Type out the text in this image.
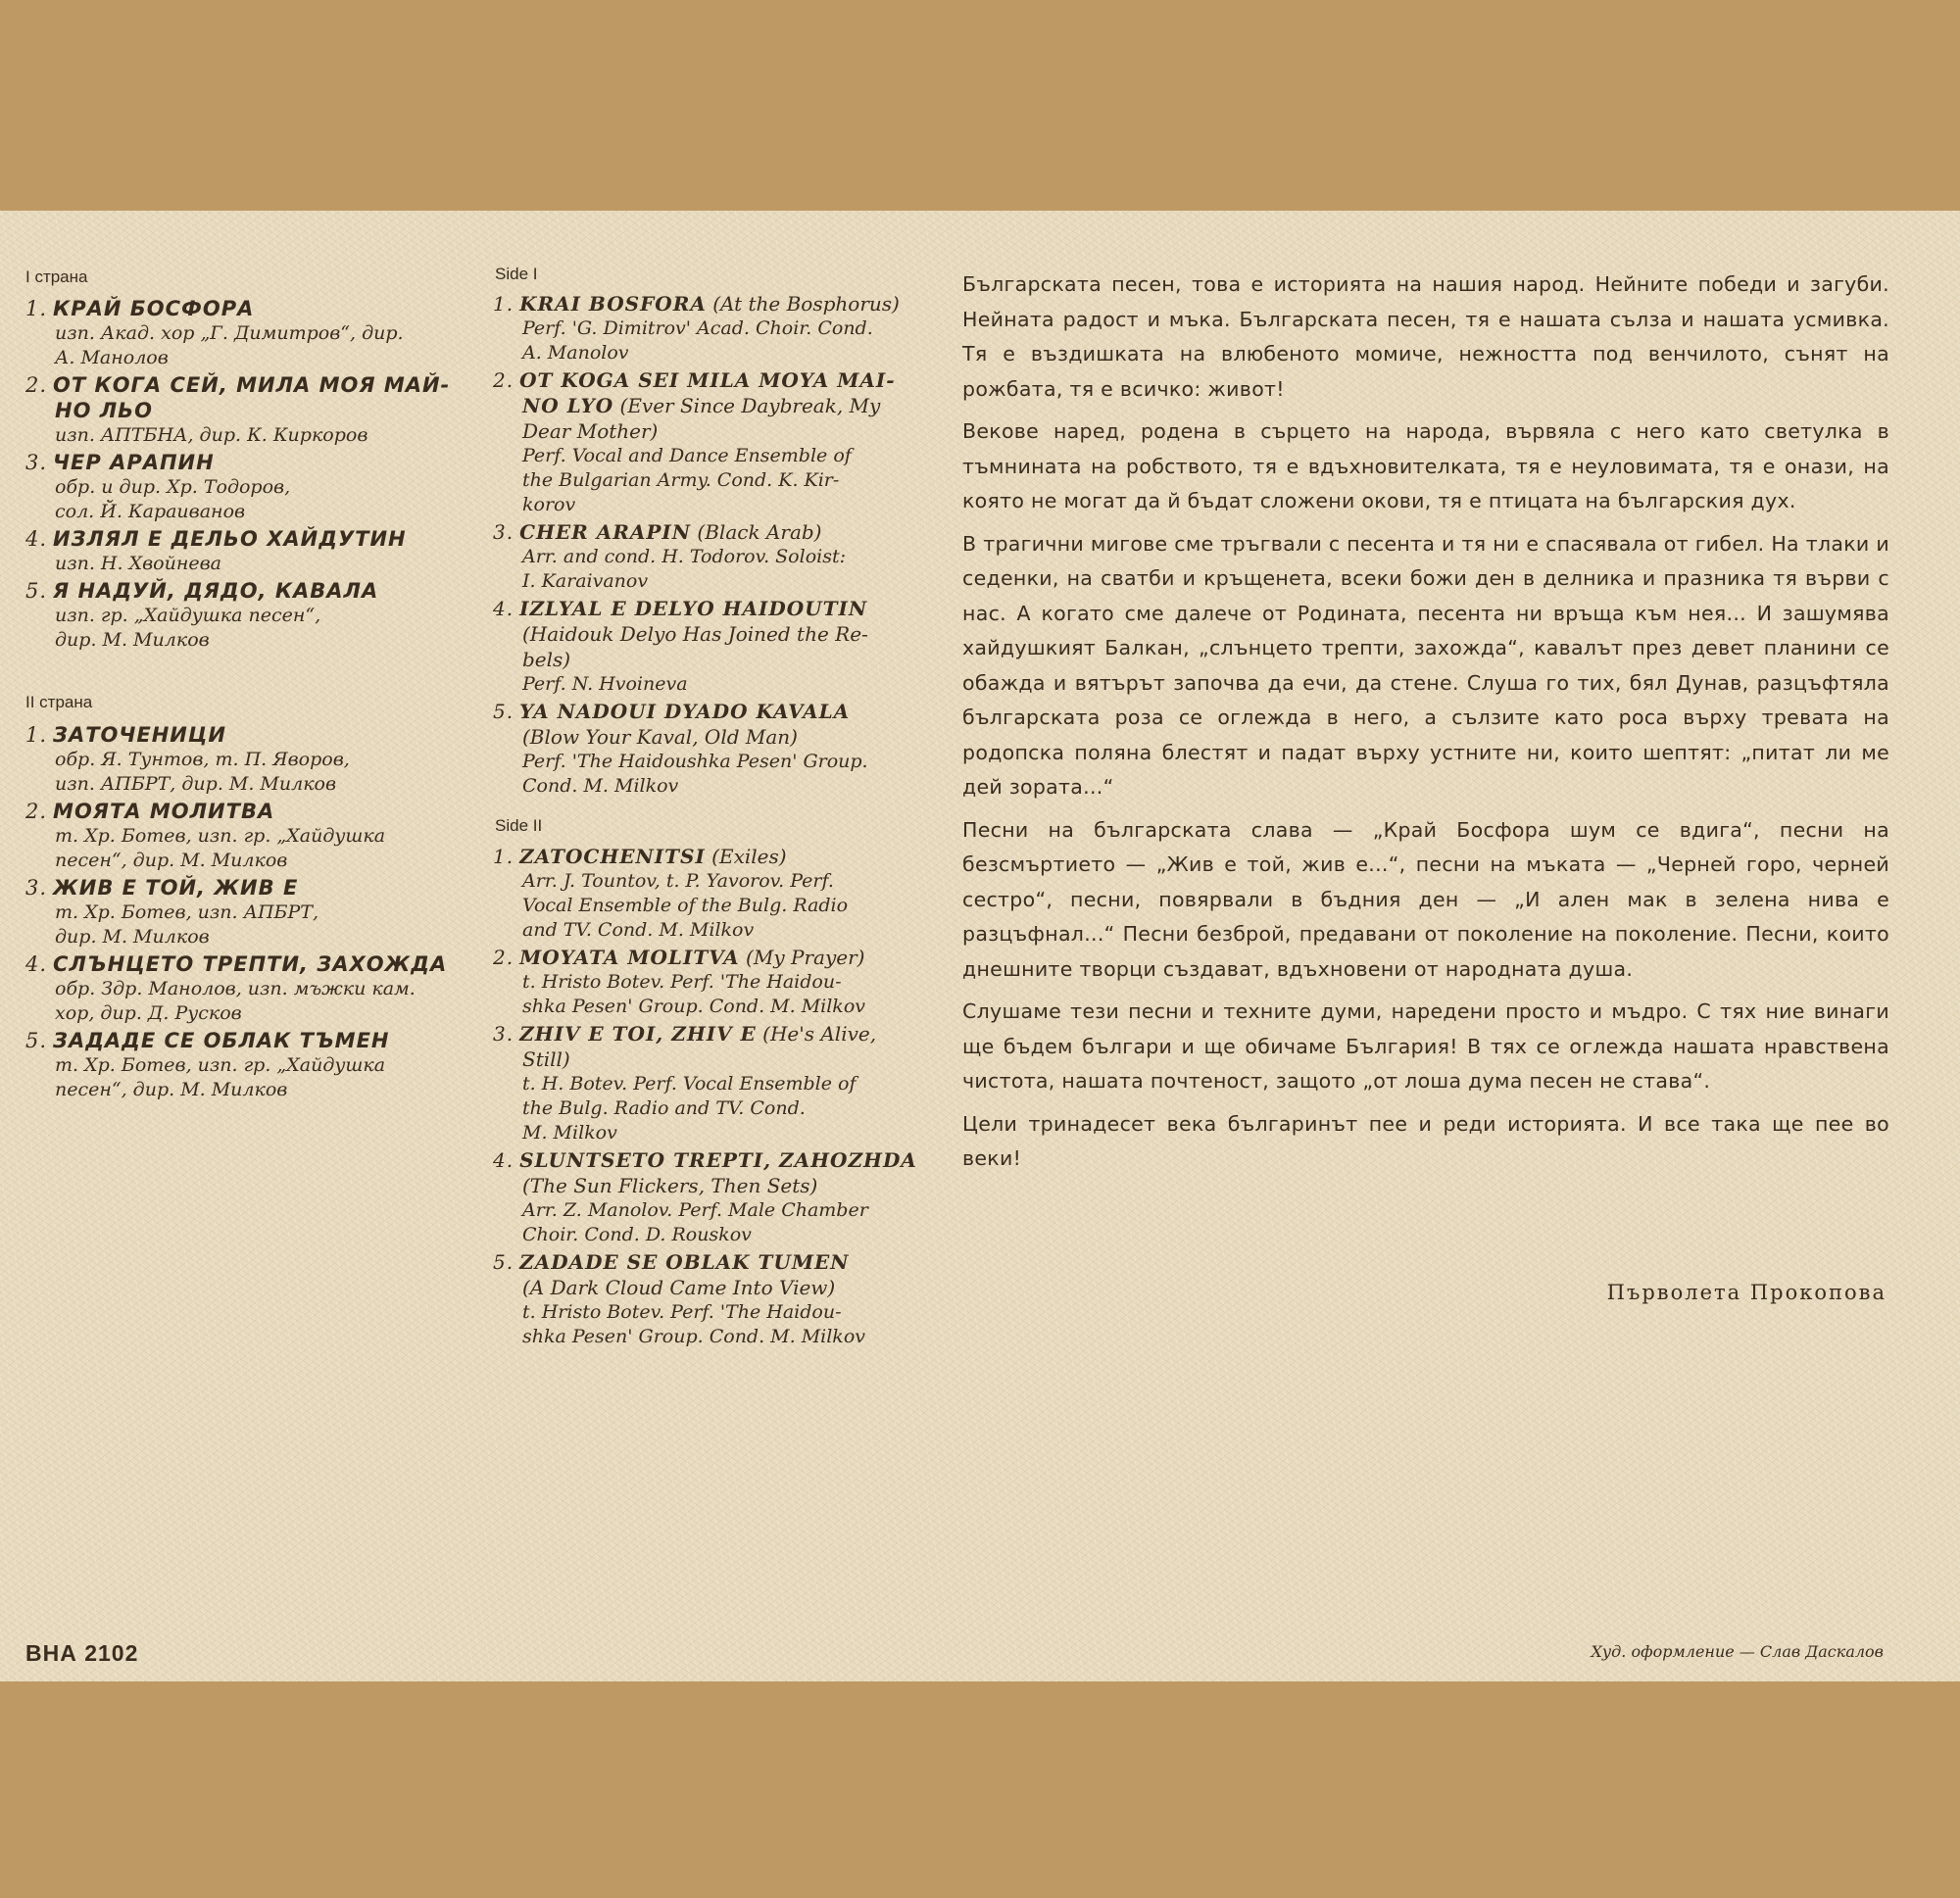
I страна
1. КРАЙ БОСФОРА
изп. Акад. хор „Г. Димитров“, дир.
А. Манолов
2. ОТ КОГА СЕЙ, МИЛА МОЯ МАЙ-
НО ЛЬО
изп. АПТБНА, дир. К. Киркоров
3. ЧЕР АРАПИН
обр. и дир. Хр. Тодоров,
сол. Й. Караиванов
4. ИЗЛЯЛ Е ДЕЛЬО ХАЙДУТИН
изп. Н. Хвойнева
5. Я НАДУЙ, ДЯДО, КАВАЛА
изп. гр. „Хайдушка песен“,
дир. М. Милков
II страна
1. ЗАТОЧЕНИЦИ
обр. Я. Тунтов, т. П. Яворов,
изп. АПБРТ, дир. М. Милков
2. МОЯТА МОЛИТВА
т. Хр. Ботев, изп. гр. „Хайдушка
песен“, дир. М. Милков
3. ЖИВ Е ТОЙ, ЖИВ Е
т. Хр. Ботев, изп. АПБРТ,
дир. М. Милков
4. СЛЪНЦЕТО ТРЕПТИ, ЗАХОЖДА
обр. Здр. Манолов, изп. мъжки кам.
хор, дир. Д. Русков
5. ЗАДАДЕ СЕ ОБЛАК ТЪМЕН
т. Хр. Ботев, изп. гр. „Хайдушка
песен“, дир. М. Милков
Side I
1. KRAI BOSFORA (At the Bosphorus)
Perf. 'G. Dimitrov' Acad. Choir. Cond.
A. Manolov
2. OT KOGA SEI MILA MOYA MAI-
NO LYO (Ever Since Daybreak, My
Dear Mother)
Perf. Vocal and Dance Ensemble of
the Bulgarian Army. Cond. K. Kir-
korov
3. CHER ARAPIN (Black Arab)
Arr. and cond. H. Todorov. Soloist:
I. Karaivanov
4. IZLYAL E DELYO HAIDOUTIN
(Haidouk Delyo Has Joined the Re-
bels)
Perf. N. Hvoineva
5. YA NADOUI DYADO KAVALA
(Blow Your Kaval, Old Man)
Perf. 'The Haidoushka Pesen' Group.
Cond. M. Milkov
Side II
1. ZATOCHENITSI (Exiles)
Arr. J. Tountov, t. P. Yavorov. Perf.
Vocal Ensemble of the Bulg. Radio
and TV. Cond. M. Milkov
2. MOYATA MOLITVA (My Prayer)
t. Hristo Botev. Perf. 'The Haidou-
shka Pesen' Group. Cond. M. Milkov
3. ZHIV E TOI, ZHIV E (He's Alive,
Still)
t. H. Botev. Perf. Vocal Ensemble of
the Bulg. Radio and TV. Cond.
M. Milkov
4. SLUNTSETO TREPTI, ZAHOZHDA
(The Sun Flickers, Then Sets)
Arr. Z. Manolov. Perf. Male Chamber
Choir. Cond. D. Rouskov
5. ZADADE SE OBLAK TUMEN
(A Dark Cloud Came Into View)
t. Hristo Botev. Perf. 'The Haidou-
shka Pesen' Group. Cond. M. Milkov

Българската песен, това е историята на нашия народ. Нейните победи и загуби. Нейната радост и мъка. Българската песен, тя е нашата сълза и нашата усмивка. Тя е въздишката на влюбеното момиче, нежността под венчилото, сънят на рожбата, тя е всичко: живот!

Векове наред, родена в сърцето на народа, вървяла с него като светулка в тъмнината на робството, тя е вдъхновителката, тя е неуловимата, тя е онази, на която не могат да й бъдат сложени окови, тя е птицата на българския дух.

В трагични мигове сме тръгвали с песента и тя ни е спасявала от гибел. На тлаки и седенки, на сватби и кръщенета, всеки божи ден в делника и празника тя върви с нас. А когато сме далече от Родината, песента ни връща към нея... И зашумява хайдушкият Балкан, „слънцето трепти, захожда“, кавалът през девет планини се обажда и вятърът започва да ечи, да стене. Слуша го тих, бял Дунав, разцъфтяла българската роза се оглежда в него, а сълзите като роса върху тревата на родопска поляна блестят и падат върху устните ни, които шептят: „питат ли ме дей зората...“

Песни на българската слава — „Край Босфора шум се вдига“, песни на безсмъртието — „Жив е той, жив е...“, песни на мъката — „Черней горо, черней сестро“, песни, повярвали в бъдния ден — „И ален мак в зелена нива е разцъфнал...“ Песни безброй, предавани от поколение на поколение. Песни, които днешните творци създават, вдъхновени от народната душа.

Слушаме тези песни и техните думи, наредени просто и мъдро. С тях ние винаги ще бъдем българи и ще обичаме България! В тях се оглежда нашата нравствена чистота, нашата почтеност, защото „от лоша дума песен не става“.

Цели тринадесет века българинът пее и реди историята. И все така ще пее во веки!

Първолета Прокопова
ВНА 2102	Худ. оформление — Слав Даскалов
